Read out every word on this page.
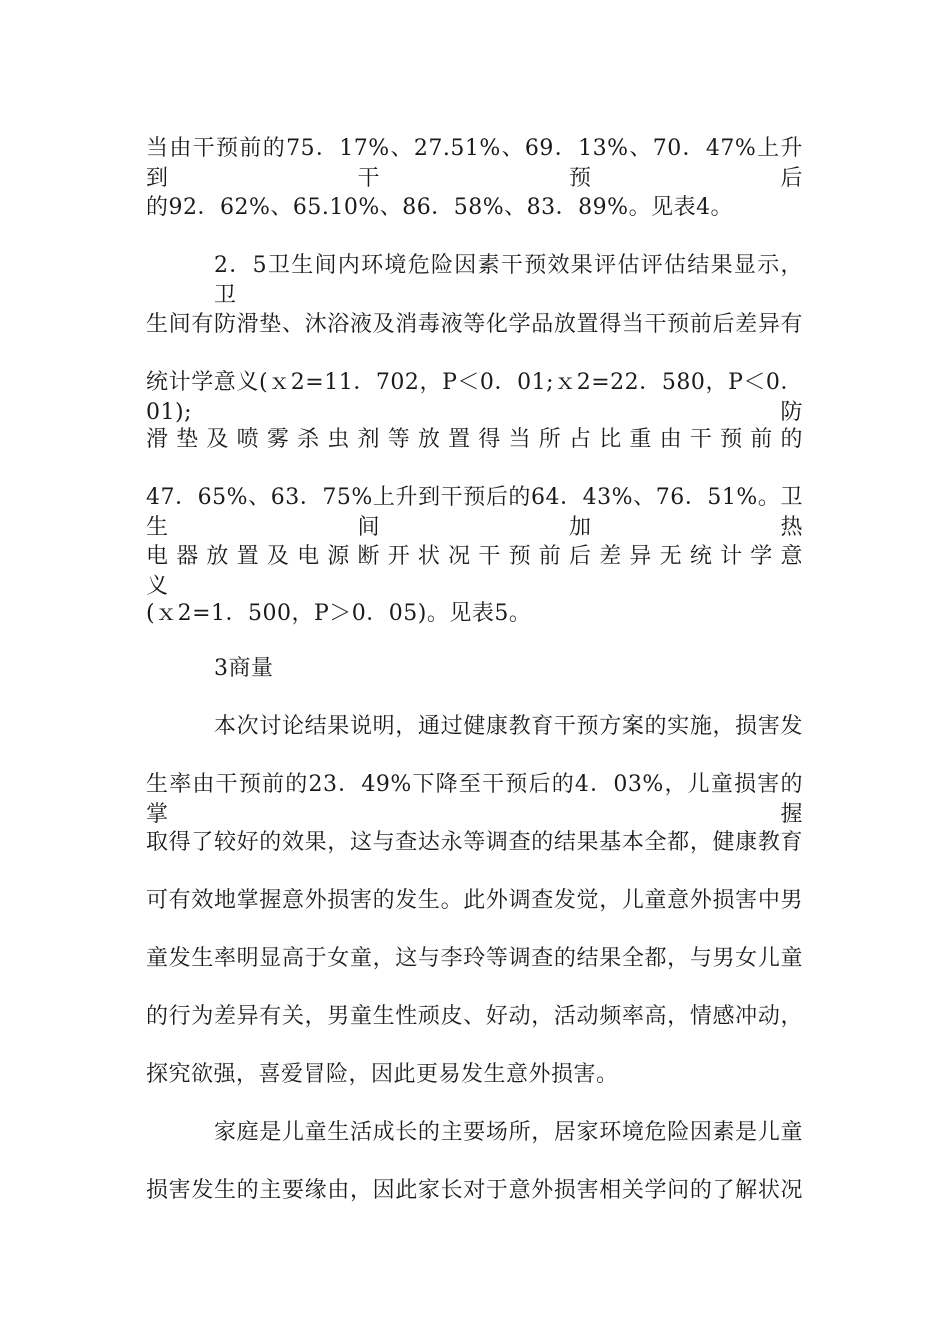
当由干预前的75．17%、27.51%、69．13%、70．47%上升到干预后
的92．62%、65.10%、86．58%、83．89%。见表4。
2．5卫生间内环境危险因素干预效果评估评估结果显示，卫
生间有防滑垫、沐浴液及消毒液等化学品放置得当干预前后差异有
统计学意义(ｘ2=11．702，P＜0．01;ｘ2=22．580，P＜0．01);防
滑 垫 及 喷 雾 杀 虫 剂 等 放 置 得 当 所 占 比 重 由 干 预 前 的
47．65%、63．75%上升到干预后的64．43%、76．51%。卫生间加热
电 器 放 置 及 电 源 断 开 状 况 干 预 前 后 差 异 无 统 计 学 意 义
(ｘ2=1．500，P＞0．05)。见表5。
3商量
本次讨论结果说明，通过健康教育干预方案的实施，损害发
生率由干预前的23．49%下降至干预后的4．03%，儿童损害的掌握
取得了较好的效果，这与查达永等调查的结果基本全都，健康教育
可有效地掌握意外损害的发生。此外调查发觉，儿童意外损害中男
童发生率明显高于女童，这与李玲等调查的结果全都，与男女儿童
的行为差异有关，男童生性顽皮、好动，活动频率高，情感冲动，
探究欲强，喜爱冒险，因此更易发生意外损害。
家庭是儿童生活成长的主要场所，居家环境危险因素是儿童
损害发生的主要缘由，因此家长对于意外损害相关学问的了解状况
